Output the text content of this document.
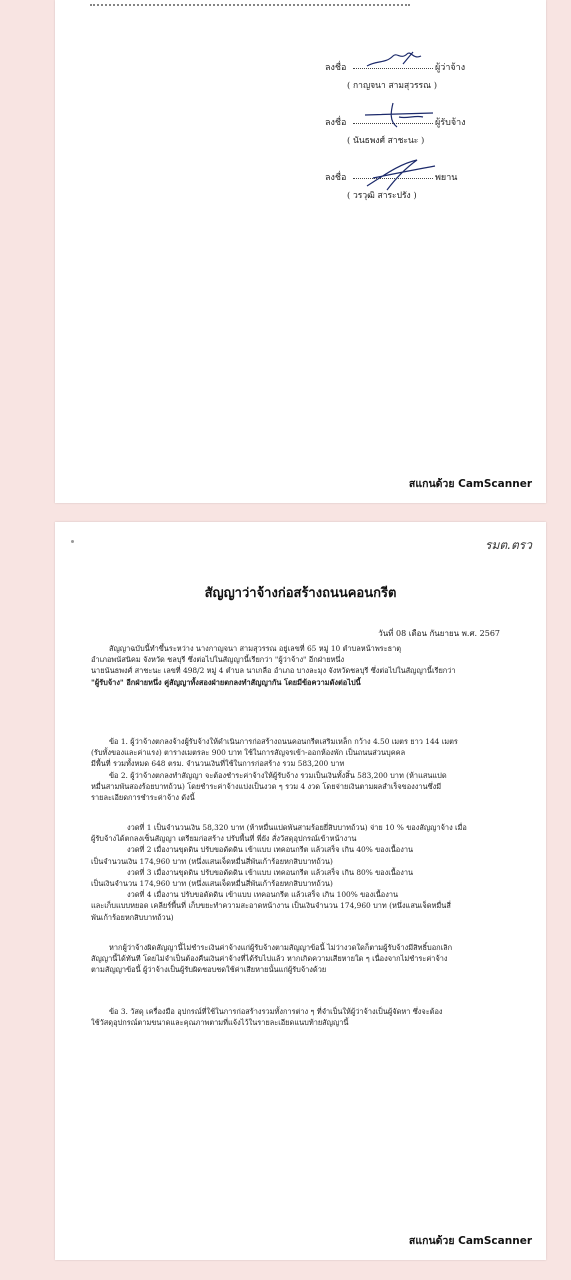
ลงชื่อ	ผู้ว่าจ้าง
( กาญจนา สามสุวรรณ )
ลงชื่อ	ผู้รับจ้าง
( นันธพงศ์ สาชะนะ )
ลงชื่อ	พยาน
( วรวุฒิ สาระปรัง )
สแกนด้วย CamScanner
รมต.ตรว
สัญญาว่าจ้างก่อสร้างถนนคอนกรีต
วันที่ 08 เดือน กันยายน พ.ศ. 2567

สัญญาฉบับนี้ทำขึ้นระหว่าง นางกาญจนา สามสุวรรณ อยู่เลขที่ 65 หมู่ 10 ตำบลหน้าพระธาตุ

อำเภอพนัสนิคม จังหวัด ชลบุรี ซึ่งต่อไปในสัญญานี้เรียกว่า "ผู้ว่าจ้าง" อีกฝ่ายหนึ่ง

นายนันธพงศ์ สาชะนะ เลขที่ 498/2 หมู่ 4 ตำบล นาเกลือ อำเภอ บางละมุง จังหวัดชลบุรี ซึ่งต่อไปในสัญญานี้เรียกว่า

"ผู้รับจ้าง" อีกฝ่ายหนึ่ง คู่สัญญาทั้งสองฝ่ายตกลงทำสัญญากัน โดยมีข้อความดังต่อไปนี้

ข้อ 1. ผู้ว่าจ้างตกลงจ้างผู้รับจ้างให้ดำเนินการก่อสร้างถนนคอนกรีตเสริมเหล็ก กว้าง 4.50 เมตร ยาว 144 เมตร

(รับทั้งของและค่าแรง) ตารางเมตรละ 900 บาท ใช้ในการสัญจรเข้า-ออกห้องพัก เป็นถนนส่วนบุคคล

มีพื้นที่ รวมทั้งหมด 648 ตรม. จำนวนเงินที่ใช้ในการก่อสร้าง รวม 583,200 บาท

ข้อ 2. ผู้ว่าจ้างตกลงทำสัญญา จะต้องชำระค่าจ้างให้ผู้รับจ้าง รวมเป็นเงินทั้งสิ้น 583,200 บาท (ห้าแสนแปด

หมื่นสามพันสองร้อยบาทถ้วน) โดยชำระค่าจ้างแบ่งเป็นงวด ๆ รวม 4 งวด โดยจ่ายเงินตามผลสำเร็จของงานซึ่งมี

รายละเอียดการชำระค่าจ้าง ดังนี้

งวดที่ 1 เป็นจำนวนเงิน 58,320 บาท (ห้าหมื่นแปดพันสามร้อยยี่สิบบาทถ้วน) จ่าย 10 % ของสัญญาจ้าง เมื่อ

ผู้รับจ้างได้ตกลงเซ็นสัญญา เตรียมก่อสร้าง ปรับพื้นที่ พี่ยัง สั่งวัสดุอุปกรณ์เข้าหน้างาน

งวดที่ 2 เมื่องานขุดดิน ปรับขอดัดดิน เข้าแบบ เทคอนกรีต แล้วเสร็จ เกิน 40% ของเนื้องาน

เป็นจำนวนเงิน 174,960 บาท (หนึ่งแสนเจ็ดหมื่นสี่พันเก้าร้อยหกสิบบาทถ้วน)

งวดที่ 3 เมื่องานขุดดิน ปรับขอดัดดิน เข้าแบบ เทคอนกรีต แล้วเสร็จ เกิน 80% ของเนื้องาน

เป็นเงินจำนวน 174,960 บาท (หนึ่งแสนเจ็ดหมื่นสี่พันเก้าร้อยหกสิบบาทถ้วน)

งวดที่ 4 เมื่องาน ปรับขอดัดดิน เข้าแบบ เทคอนกรีต แล้วเสร็จ เกิน 100% ของเนื้องาน

และเก็บแบบหยอด เคลียร์พื้นที่ เก็บขยะทำความสะอาดหน้างาน เป็นเงินจำนวน 174,960 บาท (หนึ่งแสนเจ็ดหมื่นสี่

พันเก้าร้อยหกสิบบาทถ้วน)

หากผู้ว่าจ้างผิดสัญญานี้ไม่ชำระเงินค่าจ้างแก่ผู้รับจ้างตามสัญญาข้อนี้ ไม่ว่างวดใดก็ตามผู้รับจ้างมีสิทธิ์บอกเลิก

สัญญานี้ได้ทันที โดยไม่จำเป็นต้องคืนเงินค่าจ้างที่ได้รับไปแล้ว หากเกิดความเสียหายใด ๆ เนื่องจากไม่ชำระค่าจ้าง

ตามสัญญาข้อนี้ ผู้ว่าจ้างเป็นผู้รับผิดชอบชดใช้ค่าเสียหายนั้นแก่ผู้รับจ้างด้วย

ข้อ 3. วัสดุ เครื่องมือ อุปกรณ์ที่ใช้ในการก่อสร้างรวมทั้งการต่าง ๆ ที่จำเป็นให้ผู้ว่าจ้างเป็นผู้จัดหา ซึ่งจะต้อง

ใช้วัสดุอุปกรณ์ตามขนาดและคุณภาพตามที่แจ้งไว้ในรายละเอียดแนบท้ายสัญญานี้

สแกนด้วย CamScanner
